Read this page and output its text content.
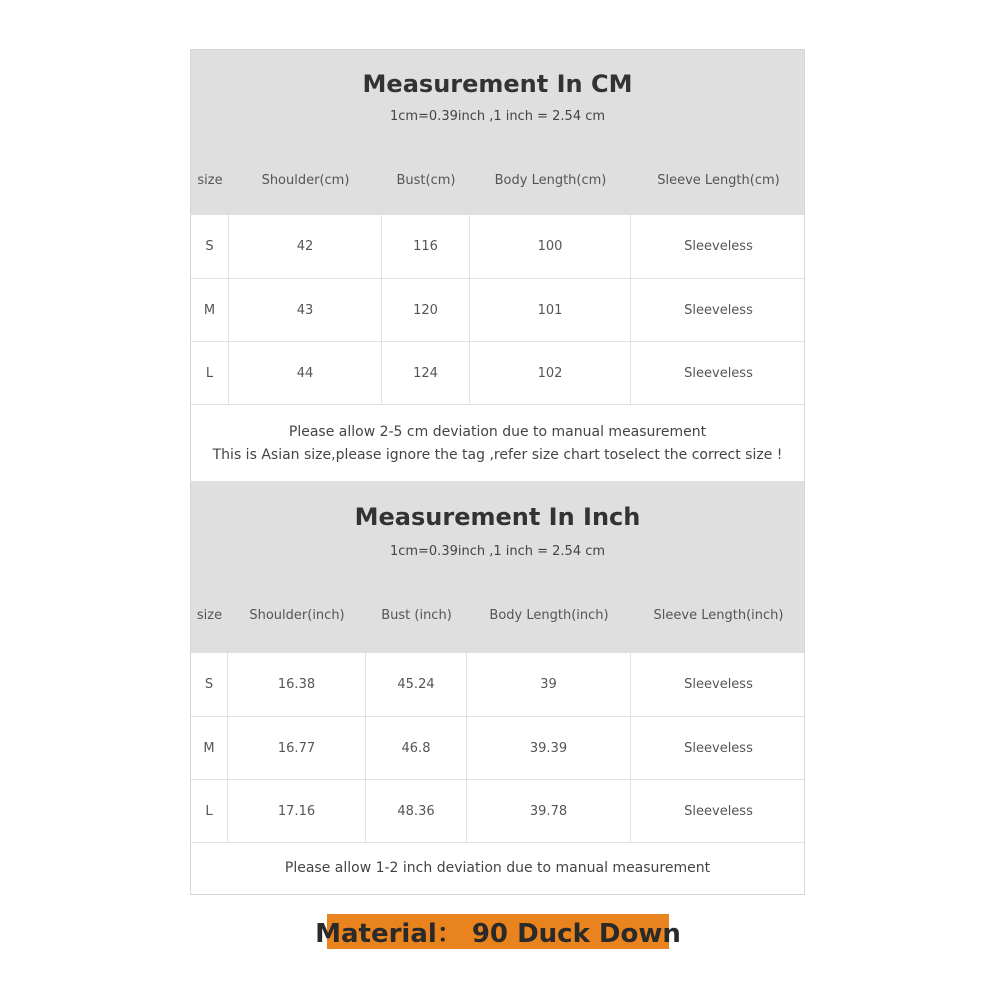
Measurement In CM
1cm=0.39inch ,1 inch = 2.54 cm
size	Shoulder(cm)	Bust(cm)	Body Length(cm)	Sleeve Length(cm)
S	42	116	100	Sleeveless
M	43	120	101	Sleeveless
L	44	124	102	Sleeveless
Please allow 2-5 cm deviation due to manual measurement
This is Asian size,please ignore the tag ,refer size chart toselect the correct size !
Measurement In Inch
1cm=0.39inch ,1 inch = 2.54 cm
size	Shoulder(inch)	Bust (inch)	Body Length(inch)	Sleeve Length(inch)
S	16.38	45.24	39	Sleeveless
M	16.77	46.8	39.39	Sleeveless
L	17.16	48.36	39.78	Sleeveless
Please allow 1-2 inch deviation due to manual measurement
Material： 90 Duck Down
